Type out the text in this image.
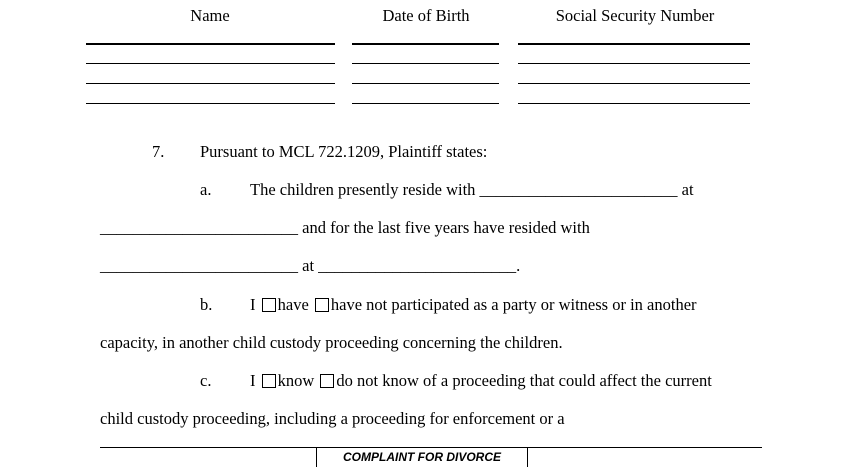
Name	Date of Birth	Social Security Number
7. Pursuant to MCL 722.1209, Plaintiff states:
a. The children presently reside with ________________________ at
________________________ and for the last five years have resided with
________________________ at ________________________.
b. I have have not participated as a party or witness or in another
capacity, in another child custody proceeding concerning the children.
c. I know do not know of a proceeding that could affect the current
child custody proceeding, including a proceeding for enforcement or a
COMPLAINT FOR DIVORCE
